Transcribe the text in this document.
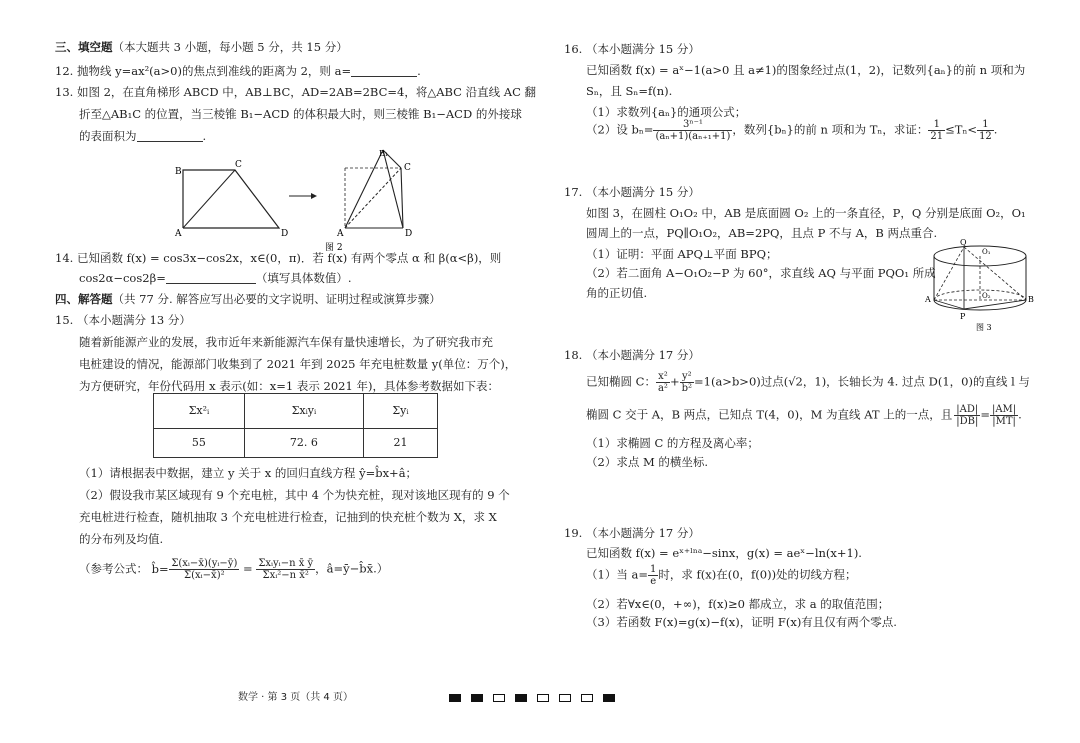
三、填空题（本大题共 3 小题，每小题 5 分，共 15 分）
12. 抛物线 y=ax²(a>0)的焦点到准线的距离为 2，则 a=	.
13. 如图 2，在直角梯形 ABCD 中，AB⊥BC，AD=2AB=2BC=4，将△ABC 沿直线 AC 翻
折至△AB₁C 的位置，当三棱锥 B₁−ACD 的体积最大时，则三棱锥 B₁−ACD 的外接球
的表面积为	.
B
C
A	D
B₁
C
A	D
图 2
14. 已知函数 f(x) = cos3x−cos2x，x∈(0，π)．若 f(x) 有两个零点 α 和 β(α<β)，则
cos2α−cos2β=	（填写具体数值）.
四、解答题（共 77 分. 解答应写出必要的文字说明、证明过程或演算步骤）
15. （本小题满分 13 分）
随着新能源产业的发展，我市近年来新能源汽车保有量快速增长，为了研究我市充
电桩建设的情况，能源部门收集到了 2021 年到 2025 年充电桩数量 y(单位：万个)，
为方便研究，年份代码用 x 表示(如：x=1 表示 2021 年)，具体参考数据如下表：
Σx²ᵢ	Σxᵢyᵢ	Σyᵢ
55	72. 6	21
（1）请根据表中数据，建立 y 关于 x 的回归直线方程 ŷ=b̂x+â；
（2）假设我市某区域现有 9 个充电桩，其中 4 个为快充桩，现对该地区现有的 9 个
充电桩进行检查，随机抽取 3 个充电桩进行检查，记抽到的快充桩个数为 X，求 X
的分布列及均值.
（参考公式： b̂= $\frac{\text{Σ(xᵢ−x̄)(yᵢ−ȳ)}}{\text{Σ(xᵢ−x̄)²}} = \frac{\text{Σxᵢyᵢ−n x̄ ȳ}}{\text{Σxᵢ²−n x̄²}}$ ，â=ȳ−b̂x̄.）
16. （本小题满分 15 分）
已知函数 f(x) = aˣ−1(a>0 且 a≠1)的图象经过点(1，2)，记数列{aₙ}的前 n 项和为
Sₙ，且 Sₙ=f(n).
（1）求数列{aₙ}的通项公式；
（2）设 $b_n= \frac{\text{3ⁿ⁻¹}}{\text{(aₙ+1)(aₙ₊₁+1)}}$ ，数列{bₙ}的前 n 项和为 Tₙ，求证： $\frac{1}{21} \le T_n< \frac{1}{12}$ .
17. （本小题满分 15 分）
如图 3，在圆柱 O₁O₂ 中，AB 是底面圆 O₂ 上的一条直径，P，Q 分别是底面 O₂，O₁
圆周上的一点，PQ∥O₁O₂，AB=2PQ，且点 P 不与 A，B 两点重合.
（1）证明：平面 APQ⊥平面 BPQ；
（2）若二面角 A−O₁O₂−P 为 60°，求直线 AQ 与平面 PQO₁ 所成
角的正切值.
Q
O₁
O₂
A	B
P
图 3
18. （本小题满分 17 分）
已知椭圆 C： $\frac{\text{x²}}{\text{a²}} + \frac{\text{y²}}{\text{b²}} =1(a>b>0)$过点(√2，1)，长轴长为 4. 过点 D(1，0)的直线 l 与
椭圆 C 交于 A，B 两点，已知点 T(4，0)，M 为直线 AT 上的一点，且 $\frac{|AD|}{|DB|} = \frac{|AM|}{|MT|}$ .
（1）求椭圆 C 的方程及离心率；
（2）求点 M 的横坐标.
19. （本小题满分 17 分）
已知函数 f(x) = eˣ⁺ˡⁿᵃ−sinx，g(x) = aeˣ−ln(x+1).
（1）当 $a= \frac{1}{e}$ 时，求 f(x)在(0，f(0))处的切线方程；
（2）若∀x∈(0，+∞)，f(x)≥0 都成立，求 a 的取值范围；
（3）若函数 F(x)=g(x)−f(x)，证明 F(x)有且仅有两个零点.
数学 · 第 3 页（共 4 页）
